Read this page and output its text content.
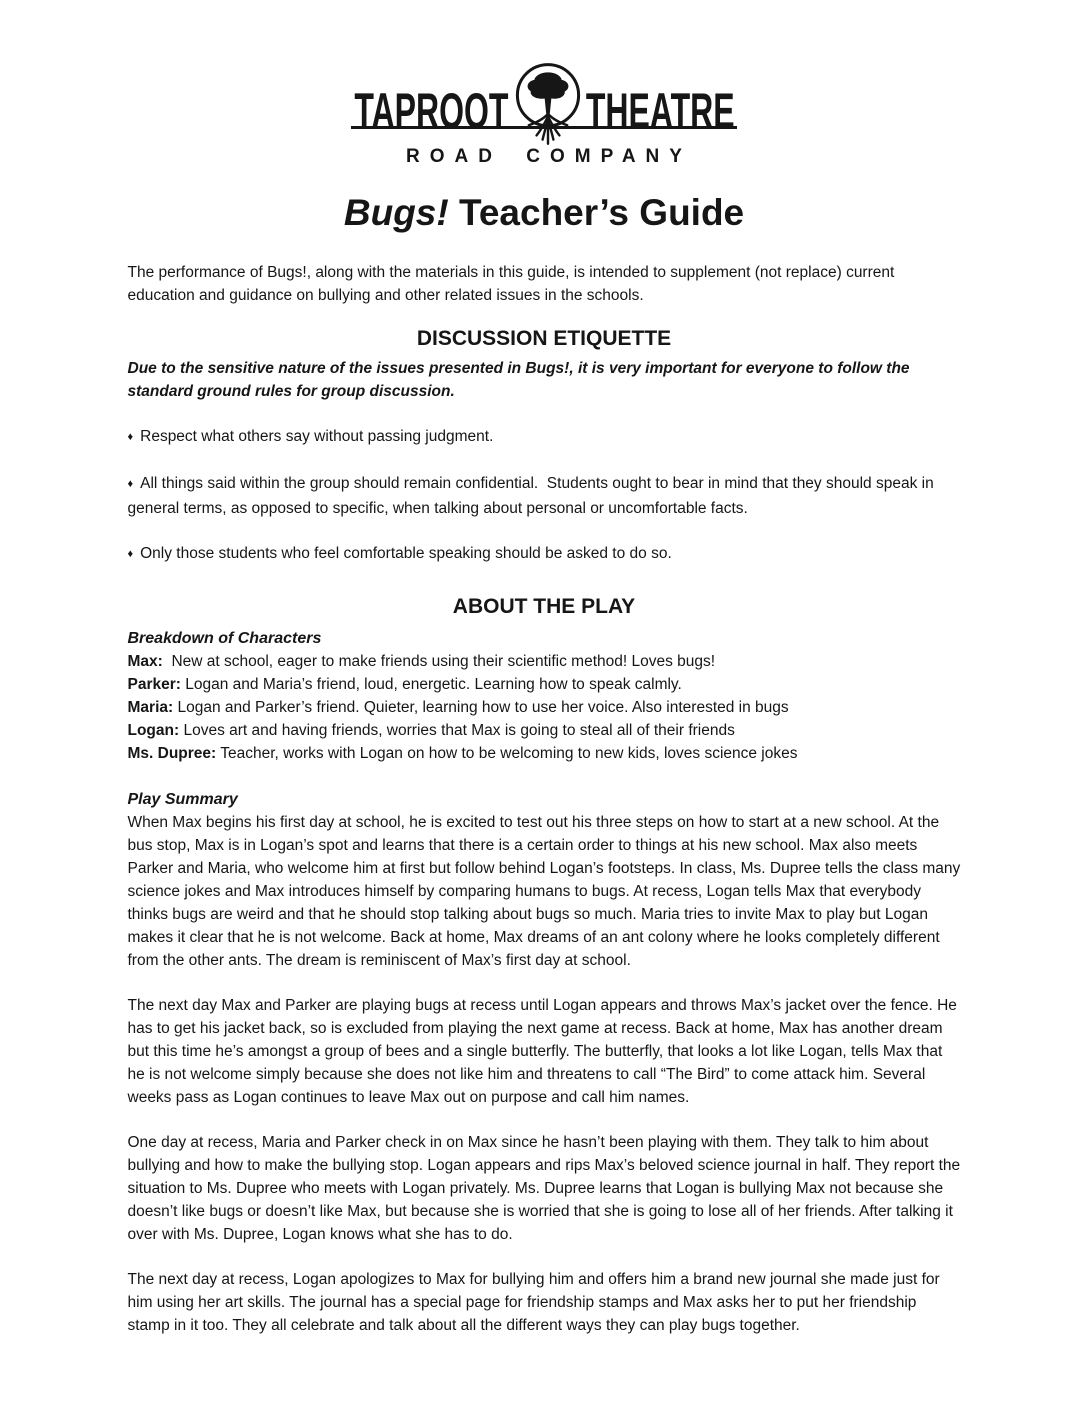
TAPROOT THEATRE
ROAD COMPANY
Bugs! Teacher’s Guide

The performance of Bugs!, along with the materials in this guide, is intended to supplement (not replace) current education and guidance on bullying and other related issues in the schools.

DISCUSSION ETIQUETTE

Due to the sensitive nature of the issues presented in Bugs!, it is very important for everyone to follow the standard ground rules for group discussion.

♦ Respect what others say without passing judgment.

♦ All things said within the group should remain confidential.  Students ought to bear in mind that they should speak in general terms, as opposed to specific, when talking about personal or uncomfortable facts.

♦ Only those students who feel comfortable speaking should be asked to do so.

ABOUT THE PLAY

Breakdown of Characters

Max:  New at school, eager to make friends using their scientific method! Loves bugs!

Parker: Logan and Maria’s friend, loud, energetic. Learning how to speak calmly.

Maria: Logan and Parker’s friend. Quieter, learning how to use her voice. Also interested in bugs

Logan: Loves art and having friends, worries that Max is going to steal all of their friends

Ms. Dupree: Teacher, works with Logan on how to be welcoming to new kids, loves science jokes

Play Summary

When Max begins his first day at school, he is excited to test out his three steps on how to start at a new school. At the bus stop, Max is in Logan’s spot and learns that there is a certain order to things at his new school. Max also meets Parker and Maria, who welcome him at first but follow behind Logan’s footsteps. In class, Ms. Dupree tells the class many science jokes and Max introduces himself by comparing humans to bugs. At recess, Logan tells Max that everybody thinks bugs are weird and that he should stop talking about bugs so much. Maria tries to invite Max to play but Logan makes it clear that he is not welcome. Back at home, Max dreams of an ant colony where he looks completely different from the other ants. The dream is reminiscent of Max’s first day at school.

The next day Max and Parker are playing bugs at recess until Logan appears and throws Max’s jacket over the fence. He has to get his jacket back, so is excluded from playing the next game at recess. Back at home, Max has another dream but this time he’s amongst a group of bees and a single butterfly. The butterfly, that looks a lot like Logan, tells Max that he is not welcome simply because she does not like him and threatens to call “The Bird” to come attack him. Several weeks pass as Logan continues to leave Max out on purpose and call him names.

One day at recess, Maria and Parker check in on Max since he hasn’t been playing with them. They talk to him about bullying and how to make the bullying stop. Logan appears and rips Max’s beloved science journal in half. They report the situation to Ms. Dupree who meets with Logan privately. Ms. Dupree learns that Logan is bullying Max not because she doesn’t like bugs or doesn’t like Max, but because she is worried that she is going to lose all of her friends. After talking it over with Ms. Dupree, Logan knows what she has to do.

The next day at recess, Logan apologizes to Max for bullying him and offers him a brand new journal she made just for him using her art skills. The journal has a special page for friendship stamps and Max asks her to put her friendship stamp in it too. They all celebrate and talk about all the different ways they can play bugs together.
